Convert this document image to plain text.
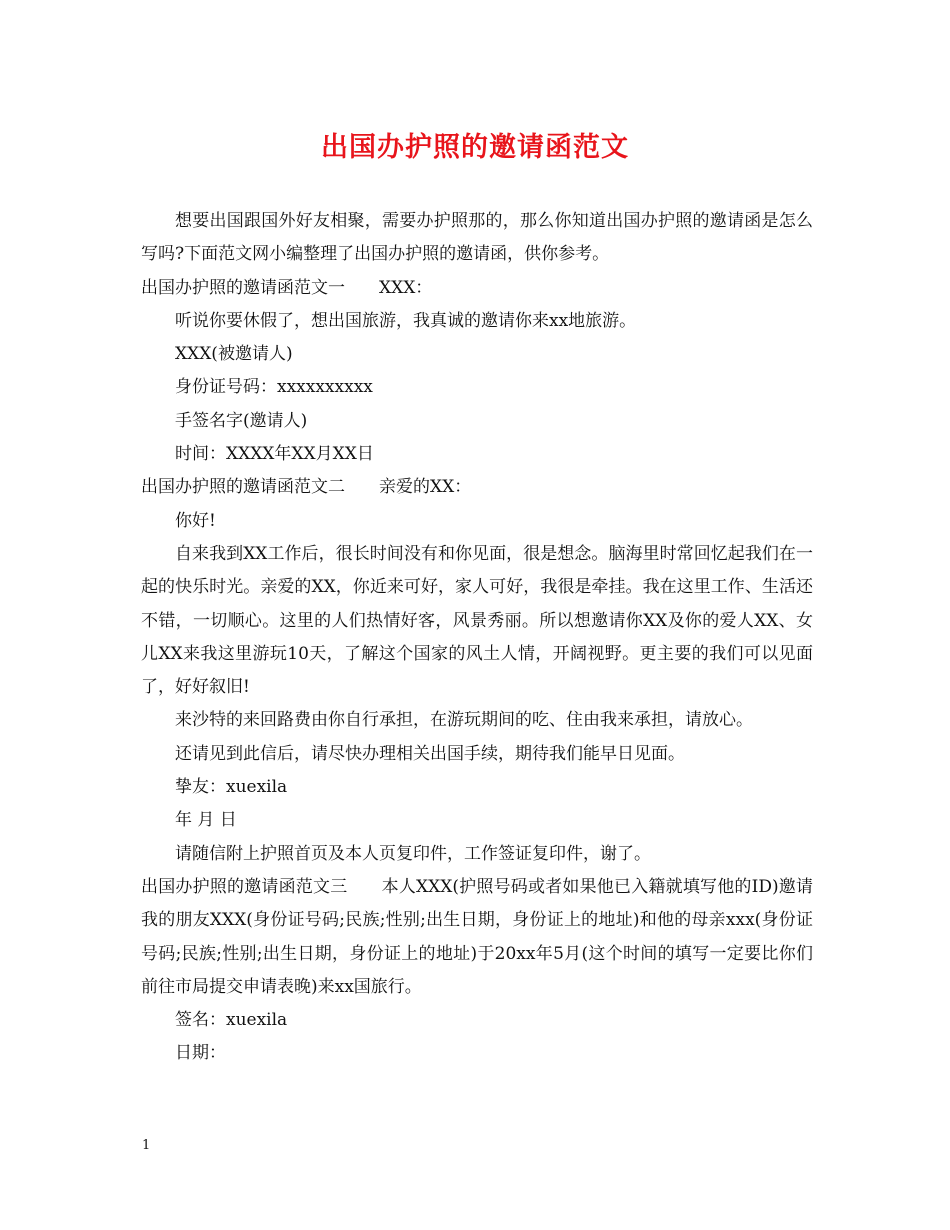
出国办护照的邀请函范文

想要出国跟国外好友相聚，需要办护照那的，那么你知道出国办护照的邀请函是怎么写吗?下面范文网小编整理了出国办护照的邀请函，供你参考。

出国办护照的邀请函范文一 XXX：

听说你要休假了，想出国旅游，我真诚的邀请你来xx地旅游。

XXX(被邀请人)

身份证号码：xxxxxxxxxx

手签名字(邀请人)

时间：XXXX年XX月XX日

出国办护照的邀请函范文二 亲爱的XX：

你好!

自来我到XX工作后，很长时间没有和你见面，很是想念。脑海里时常回忆起我们在一起的快乐时光。亲爱的XX，你近来可好，家人可好，我很是牵挂。我在这里工作、生活还不错，一切顺心。这里的人们热情好客，风景秀丽。所以想邀请你XX及你的爱人XX、女儿XX来我这里游玩10天，了解这个国家的风土人情，开阔视野。更主要的我们可以见面了，好好叙旧!

来沙特的来回路费由你自行承担，在游玩期间的吃、住由我来承担，请放心。

还请见到此信后，请尽快办理相关出国手续，期待我们能早日见面。

挚友：xuexila

年 月 日

请随信附上护照首页及本人页复印件，工作签证复印件，谢了。

出国办护照的邀请函范文三 本人XXX(护照号码或者如果他已入籍就填写他的ID)邀请我的朋友XXX(身份证号码;民族;性别;出生日期，身份证上的地址)和他的母亲xxx(身份证号码;民族;性别;出生日期，身份证上的地址)于20xx年5月(这个时间的填写一定要比你们前往市局提交申请表晚)来xx国旅行。

签名：xuexila

日期：

1
